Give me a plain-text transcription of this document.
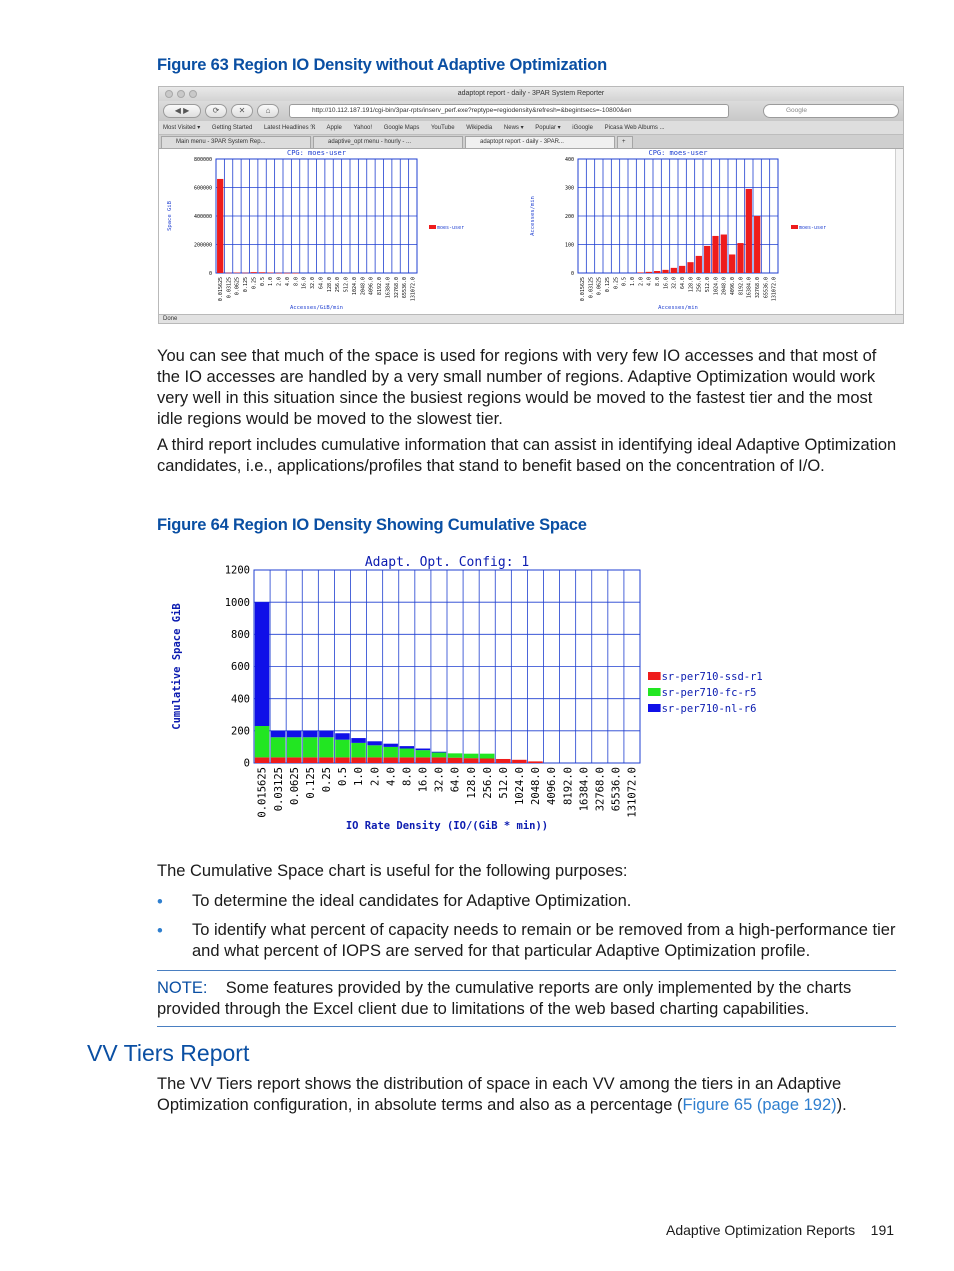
Figure 63 Region IO Density without Adaptive Optimization
adaptopt report - daily - 3PAR System Reporter
◀ ▶	⟳	✕	⌂	http://10.112.187.191/cgi-bin/3par-rpts/inserv_perf.exe?reptype=regiodensity&refresh=&begintsecs=-10800&en	Google
Most Visited ▾ Getting Started Latest Headlines ℜ Apple Yahoo! Google Maps YouTube Wikipedia News ▾ Popular ▾ iGoogle Picasa Web Albums ...
Main menu - 3PAR System Rep...	adaptive_opt menu - hourly - ...	adaptopt report - daily - 3PAR...	+
0
200000
400000
600000
800000
0.015625 0.03125 0.0625 0.125 0.25 0.5 1.0 2.0 4.0 8.0 16.0 32.0 64.0 128.0 256.0 512.0 1024.0 2048.0 4096.0 8192.0 16384.0 32768.0 65536.0 131072.0
CPG: moes-user
Accesses/GiB/min
Space GiB	moes-user
0
100
200
300
400
0.015625 0.03125 0.0625 0.125 0.25 0.5 1.0 2.0 4.0 8.0 16.0 32.0 64.0 128.0 256.0 512.0 1024.0 2048.0 4096.0 8192.0 16384.0 32768.0 65536.0 131072.0
CPG: moes-user
Accesses/min
Accesses/min	moes-user
Done

You can see that much of the space is used for regions with very few IO accesses and that most of the IO accesses are handled by a very small number of regions. Adaptive Optimization would work very well in this situation since the busiest regions would be moved to the fastest tier and the most idle regions would be moved to the slowest tier.

A third report includes cumulative information that can assist in identifying ideal Adaptive Optimization candidates, i.e., applications/profiles that stand to benefit based on the concentration of I/O.

Figure 64 Region IO Density Showing Cumulative Space
0
200
400
600
800
1000
1200
0.015625 0.03125 0.0625 0.125 0.25 0.5 1.0 2.0 4.0 8.0 16.0 32.0 64.0 128.0 256.0 512.0 1024.0 2048.0 4096.0 8192.0 16384.0 32768.0 65536.0 131072.0
Adapt. Opt. Config: 1
IO Rate Density (IO/(GiB * min))
Cumulative Space GiB	sr-per710-ssd-r1
sr-per710-fc-r5
sr-per710-nl-r6

The Cumulative Space chart is useful for the following purposes:

• To determine the ideal candidates for Adaptive Optimization.
• To identify what percent of capacity needs to remain or be removed from a high-performance tier and what percent of IOPS are served for that particular Adaptive Optimization profile.
NOTE: Some features provided by the cumulative reports are only implemented by the charts provided through the Excel client due to limitations of the web based charting capabilities.
VV Tiers Report

The VV Tiers report shows the distribution of space in each VV among the tiers in an Adaptive Optimization configuration, in absolute terms and also as a percentage (Figure 65 (page 192)).

Adaptive Optimization Reports 191
